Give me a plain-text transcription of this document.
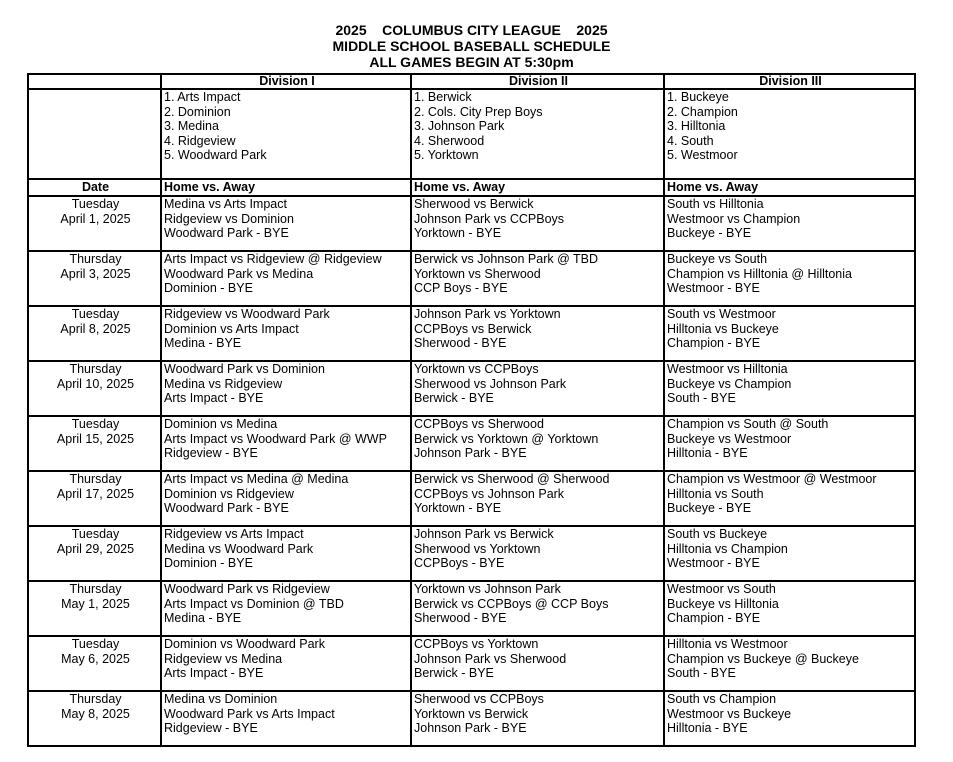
2025    COLUMBUS CITY LEAGUE    2025
MIDDLE SCHOOL BASEBALL SCHEDULE
ALL GAMES BEGIN AT 5:30pm
	Division I	Division II	Division III

	1. Arts Impact
2. Dominion
3. Medina
4. Ridgeview
5. Woodward Park	1. Berwick
2. Cols. City Prep Boys
3. Johnson Park
4. Sherwood
5. Yorktown	1. Buckeye
2. Champion
3. Hilltonia
4. South
5. Westmoor

Date	Home vs. Away	Home vs. Away	Home vs. Away

Tuesday
April 1, 2025	Medina vs Arts Impact
Ridgeview vs Dominion
Woodward Park - BYE	Sherwood vs Berwick
Johnson Park vs CCPBoys
Yorktown - BYE	South vs Hilltonia
Westmoor vs Champion
Buckeye - BYE

Thursday
April 3, 2025	Arts Impact vs Ridgeview @ Ridgeview
Woodward Park vs Medina
Dominion - BYE	Berwick vs Johnson Park @ TBD
Yorktown vs Sherwood
CCP Boys - BYE	Buckeye vs South
Champion vs Hilltonia @ Hilltonia
Westmoor - BYE

Tuesday
April 8, 2025	Ridgeview vs Woodward Park
Dominion vs Arts Impact
Medina - BYE	Johnson Park vs Yorktown
CCPBoys vs Berwick
Sherwood - BYE	South vs Westmoor
Hilltonia vs Buckeye
Champion - BYE

Thursday
April 10, 2025	Woodward Park vs Dominion
Medina vs Ridgeview
Arts Impact - BYE	Yorktown vs CCPBoys
Sherwood vs Johnson Park
Berwick - BYE	Westmoor vs Hilltonia
Buckeye vs Champion
South - BYE

Tuesday
April 15, 2025	Dominion vs Medina
Arts Impact vs Woodward Park @ WWP
Ridgeview - BYE	CCPBoys vs Sherwood
Berwick vs Yorktown @ Yorktown
Johnson Park - BYE	Champion vs South @ South
Buckeye vs Westmoor
Hilltonia - BYE

Thursday
April 17, 2025	Arts Impact vs Medina @ Medina
Dominion vs Ridgeview
Woodward Park - BYE	Berwick vs Sherwood @ Sherwood
CCPBoys vs Johnson Park
Yorktown - BYE	Champion vs Westmoor @ Westmoor
Hilltonia vs South
Buckeye - BYE

Tuesday
April 29, 2025	Ridgeview vs Arts Impact
Medina vs Woodward Park
Dominion - BYE	Johnson Park vs Berwick
Sherwood vs Yorktown
CCPBoys - BYE	South vs Buckeye
Hilltonia vs Champion
Westmoor - BYE

Thursday
May 1, 2025	Woodward Park vs Ridgeview
Arts Impact vs Dominion @ TBD
Medina - BYE	Yorktown vs Johnson Park
Berwick vs CCPBoys @ CCP Boys
Sherwood - BYE	Westmoor vs South
Buckeye vs Hilltonia
Champion - BYE

Tuesday
May 6, 2025	Dominion vs Woodward Park
Ridgeview vs Medina
Arts Impact - BYE	CCPBoys vs Yorktown
Johnson Park vs Sherwood
Berwick - BYE	Hilltonia vs Westmoor
Champion vs Buckeye @ Buckeye
South - BYE

Thursday
May 8, 2025	Medina vs Dominion
Woodward Park vs Arts Impact
Ridgeview - BYE	Sherwood vs CCPBoys
Yorktown vs Berwick
Johnson Park - BYE	South vs Champion
Westmoor vs Buckeye
Hilltonia - BYE
